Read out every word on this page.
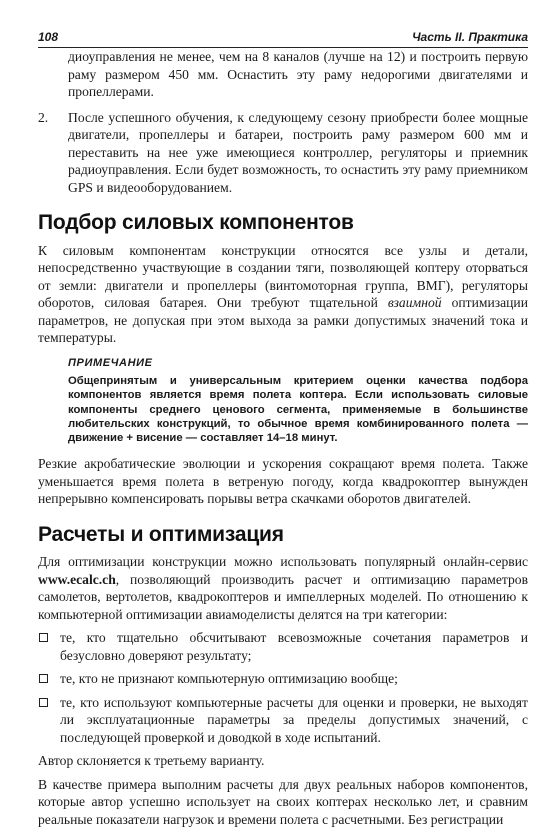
108	Часть II. Практика

диоуправления не менее, чем на 8 каналов (лучше на 12) и построить первую раму размером 450 мм. Оснастить эту раму недорогими двигателями и пропеллерами.

2.	После успешного обучения, к следующему сезону приобрести более мощные двигатели, пропеллеры и батареи, построить раму размером 600 мм и переставить на нее уже имеющиеся контроллер, регуляторы и приемник радиоуправления. Если будет возможность, то оснастить эту раму приемником GPS и видеооборудованием.
Подбор силовых компонентов

К силовым компонентам конструкции относятся все узлы и детали, непосредственно участвующие в создании тяги, позволяющей коптеру оторваться от земли: двигатели и пропеллеры (винтомоторная группа, ВМГ), регуляторы оборотов, силовая батарея. Они требуют тщательной взаимной оптимизации параметров, не допуская при этом выхода за рамки допустимых значений тока и температуры.

ПРИМЕЧАНИЕ
Общепринятым и универсальным критерием оценки качества подбора компонентов является время полета коптера. Если использовать силовые компоненты среднего ценового сегмента, применяемые в большинстве любительских конструкций, то обычное время комбинированного полета — движение + висение — составляет 14–18 минут.

Резкие акробатические эволюции и ускорения сокращают время полета. Также уменьшается время полета в ветреную погоду, когда квадрокоптер вынужден непрерывно компенсировать порывы ветра скачками оборотов двигателей.

Расчеты и оптимизация

Для оптимизации конструкции можно использовать популярный онлайн-сервис www.ecalc.ch, позволяющий производить расчет и оптимизацию параметров самолетов, вертолетов, квадрокоптеров и импеллерных моделей. По отношению к компьютерной оптимизации авиамоделисты делятся на три категории:

те, кто тщательно обсчитывают всевозможные сочетания параметров и безусловно доверяют результату;
те, кто не признают компьютерную оптимизацию вообще;
те, кто используют компьютерные расчеты для оценки и проверки, не выходят ли эксплуатационные параметры за пределы допустимых значений, с последующей проверкой и доводкой в ходе испытаний.

Автор склоняется к третьему варианту.

В качестве примера выполним расчеты для двух реальных наборов компонентов, которые автор успешно использует на своих коптерах несколько лет, и сравним реальные показатели нагрузок и времени полета с расчетными. Без регистрации
